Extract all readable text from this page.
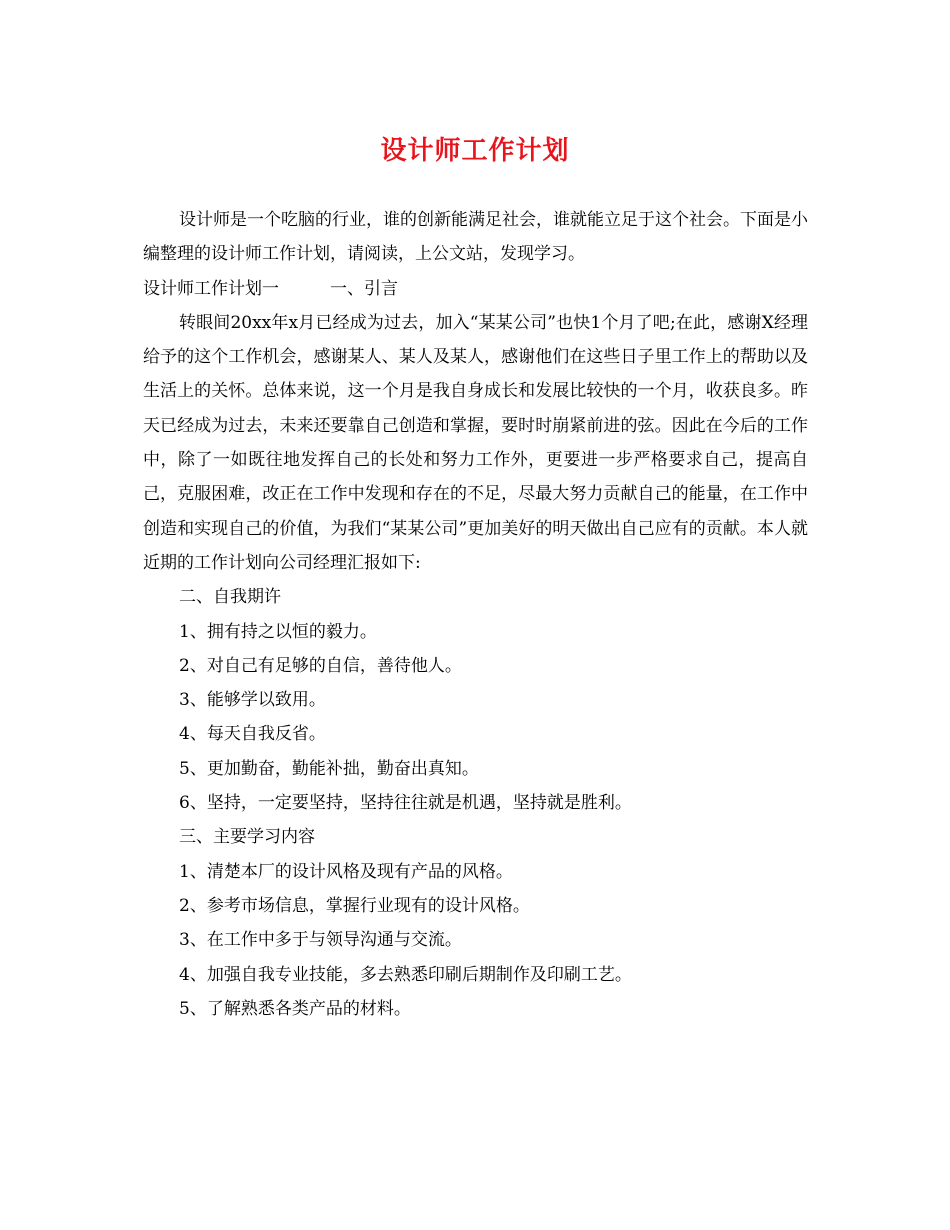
设计师工作计划

设计师是一个吃脑的行业，谁的创新能满足社会，谁就能立足于这个社会。下面是小编整理的设计师工作计划，请阅读，上公文站，发现学习。

设计师工作计划一　　　一、引言

转眼间20xx年x月已经成为过去，加入“某某公司”也快1个月了吧;在此，感谢X经理给予的这个工作机会，感谢某人、某人及某人，感谢他们在这些日子里工作上的帮助以及生活上的关怀。总体来说，这一个月是我自身成长和发展比较快的一个月，收获良多。昨天已经成为过去，未来还要靠自己创造和掌握，要时时崩紧前进的弦。因此在今后的工作中，除了一如既往地发挥自己的长处和努力工作外，更要进一步严格要求自己，提高自己，克服困难，改正在工作中发现和存在的不足，尽最大努力贡献自己的能量，在工作中创造和实现自己的价值，为我们“某某公司”更加美好的明天做出自己应有的贡献。本人就近期的工作计划向公司经理汇报如下:

二、自我期许

1、拥有持之以恒的毅力。

2、对自己有足够的自信，善待他人。

3、能够学以致用。

4、每天自我反省。

5、更加勤奋，勤能补拙，勤奋出真知。

6、坚持，一定要坚持，坚持往往就是机遇，坚持就是胜利。

三、主要学习内容

1、清楚本厂的设计风格及现有产品的风格。

2、参考市场信息，掌握行业现有的设计风格。

3、在工作中多于与领导沟通与交流。

4、加强自我专业技能，多去熟悉印刷后期制作及印刷工艺。

5、了解熟悉各类产品的材料。
